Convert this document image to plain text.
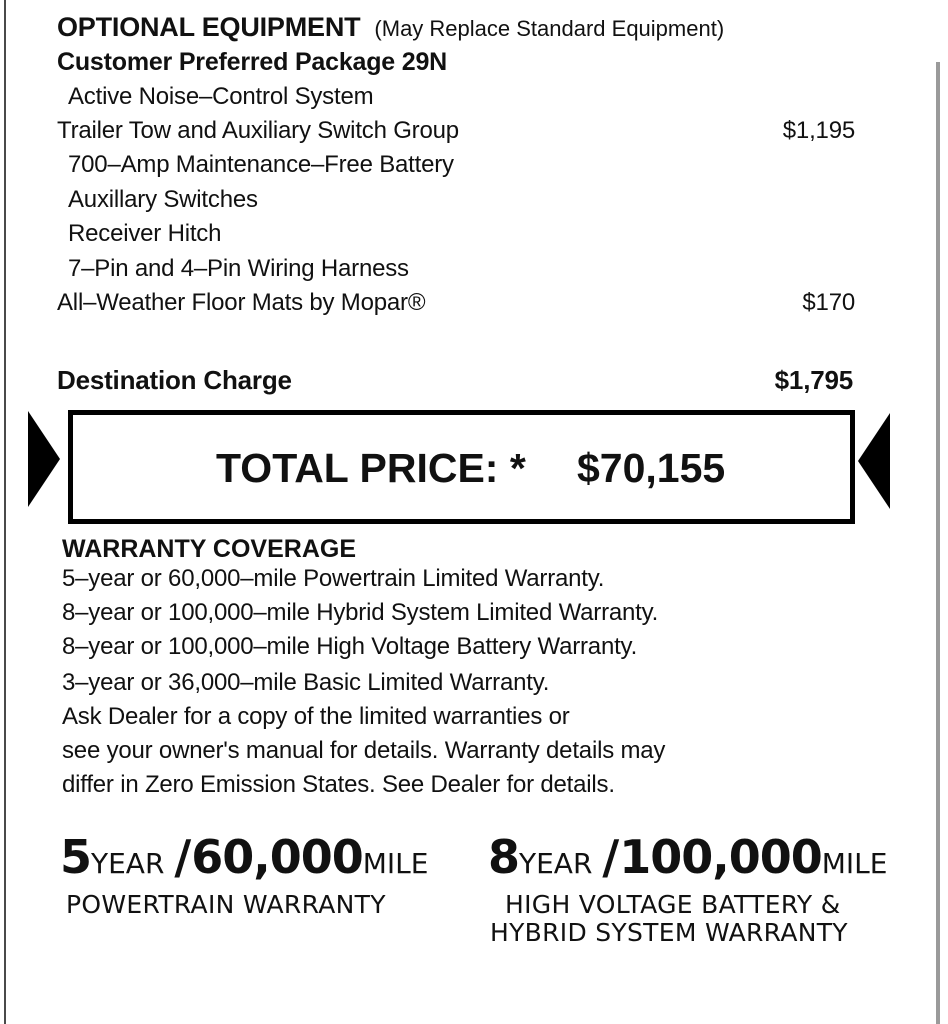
OPTIONAL EQUIPMENT (May Replace Standard Equipment)
Customer Preferred Package 29N
Active Noise–Control System
Trailer Tow and Auxiliary Switch Group	$1,195
700–Amp Maintenance–Free Battery
Auxillary Switches
Receiver Hitch
7–Pin and 4–Pin Wiring Harness
All–Weather Floor Mats by Mopar®	$170
Destination Charge	$1,795
TOTAL PRICE: * $70,155
WARRANTY COVERAGE
5–year or 60,000–mile Powertrain Limited Warranty.
8–year or 100,000–mile Hybrid System Limited Warranty.
8–year or 100,000–mile High Voltage Battery Warranty.
3–year or 36,000–mile Basic Limited Warranty.
Ask Dealer for a copy of the limited warranties or
see your owner's manual for details. Warranty details may
differ in Zero Emission States. See Dealer for details.
5YEAR /60,000MILE
POWERTRAIN WARRANTY
8YEAR /100,000MILE
HIGH VOLTAGE BATTERY &
HYBRID SYSTEM WARRANTY
